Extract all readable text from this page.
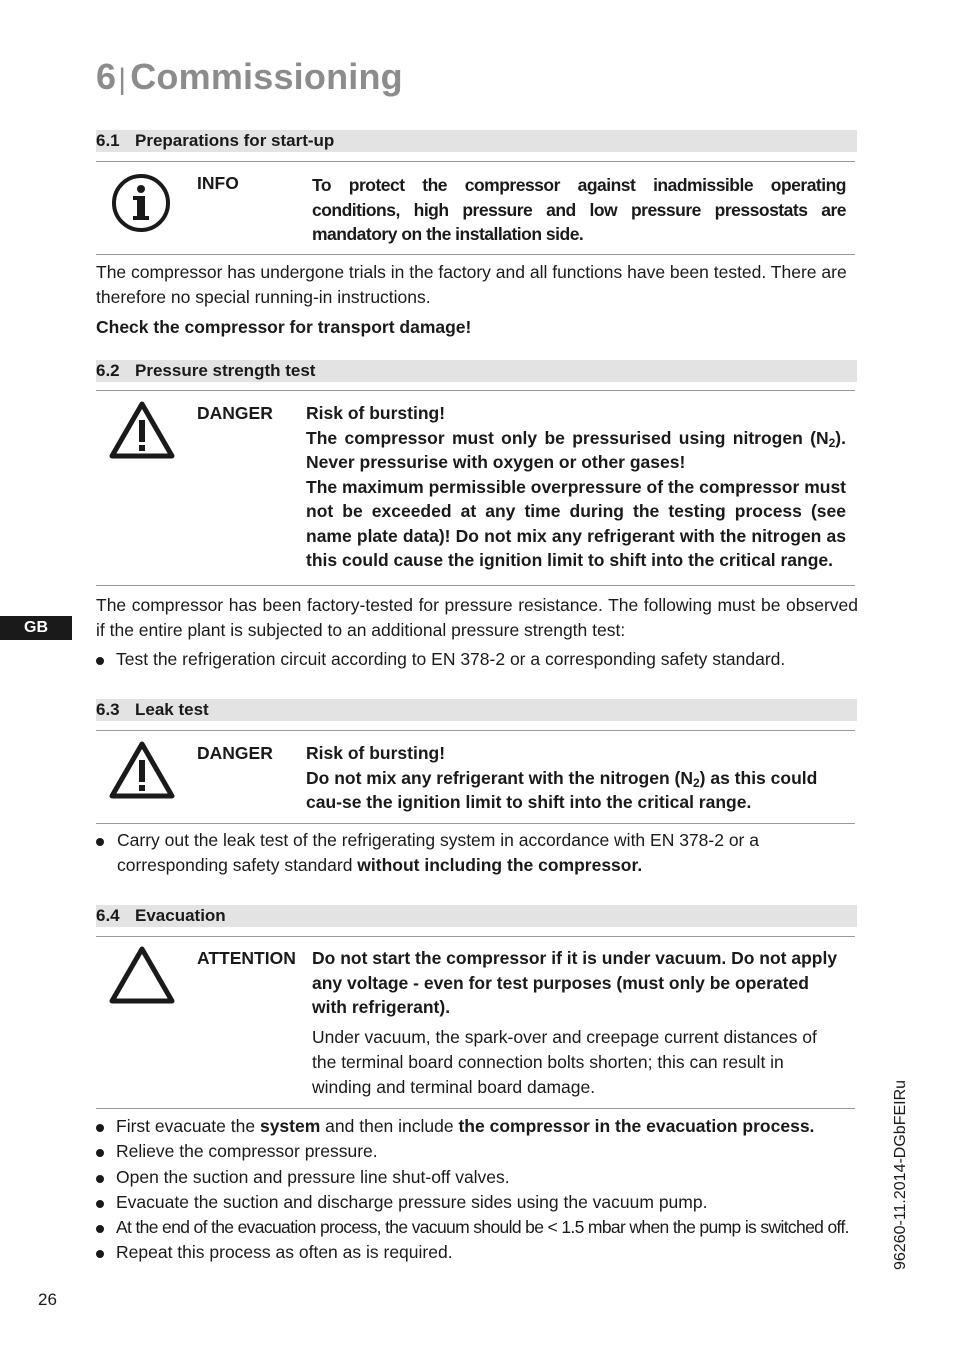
6| Commissioning
6.1 Preparations for start-up
INFO	To protect the compressor against inadmissible operating conditions, high pressure and low pressure pressostats are mandatory on the installation side.
The compressor has undergone trials in the factory and all functions have been tested. There are therefore no special running-in instructions.
Check the compressor for transport damage!
6.2 Pressure strength test
DANGER Risk of bursting!
The compressor must only be pressurised using nitrogen $(N_2)$. Never pressurise with oxygen or other gases!
The maximum permissible overpressure of the compressor must not be exceeded at any time during the testing process (see name plate data)! Do not mix any refrigerant with the nitrogen as this could cause the ignition limit to shift into the critical range.
GB
The compressor has been factory-tested for pressure resistance. The following must be observed if the entire plant is subjected to an additional pressure strength test:
Test the refrigeration circuit according to EN 378-2 or a corresponding safety standard.
6.3 Leak test
DANGER Risk of bursting!
Do not mix any refrigerant with the nitrogen $(N_2)$ as this could cau-se the ignition limit to shift into the critical range.
Carry out the leak test of the refrigerating system in accordance with EN 378-2 or a corresponding safety standard without including the compressor.
6.4 Evacuation
ATTENTION Do not start the compressor if it is under vacuum. Do not apply any voltage - even for test purposes (must only be operated with refrigerant).
Under vacuum, the spark-over and creepage current distances of the terminal board connection bolts shorten; this can result in winding and terminal board damage.
First evacuate the system and then include the compressor in the evacuation process.
Relieve the compressor pressure.
Open the suction and pressure line shut-off valves.
Evacuate the suction and discharge pressure sides using the vacuum pump.
At the end of the evacuation process, the vacuum should be < 1.5 mbar when the pump is switched off.
Repeat this process as often as is required.	96260-11.2014-DGbFEIRu
26
